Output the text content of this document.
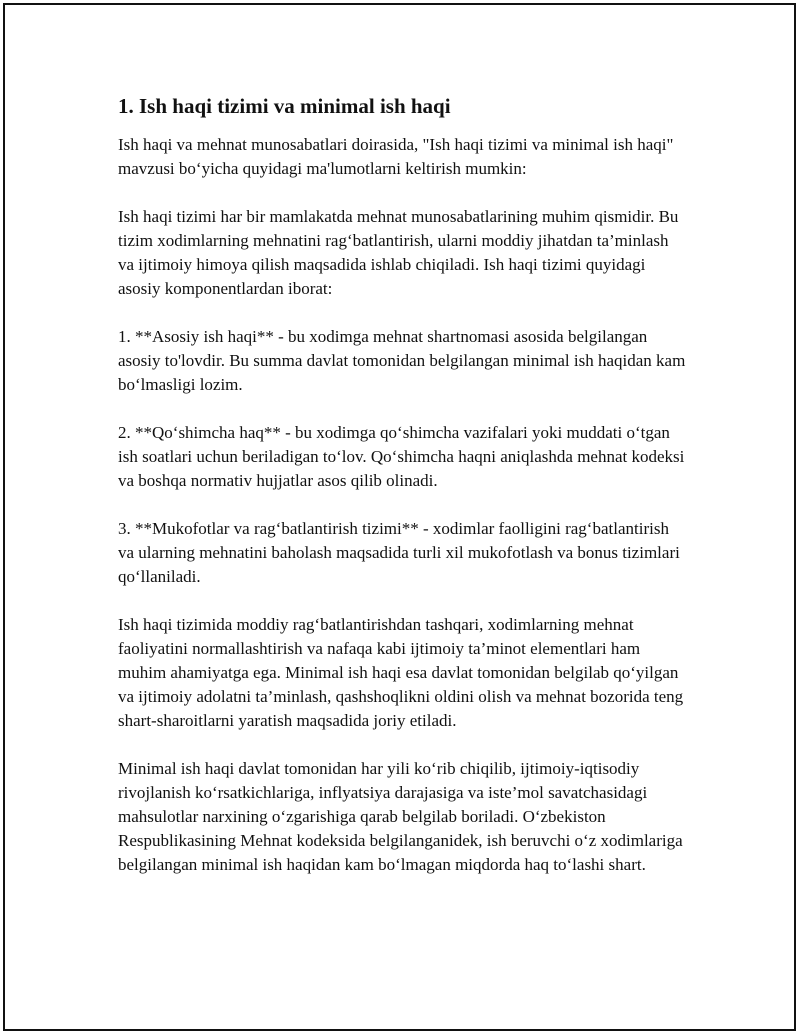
1. Ish haqi tizimi va minimal ish haqi

Ish haqi va mehnat munosabatlari doirasida, "Ish haqi tizimi va minimal ish haqi" mavzusi bo‘yicha quyidagi ma'lumotlarni keltirish mumkin:

Ish haqi tizimi har bir mamlakatda mehnat munosabatlarining muhim qismidir. Bu tizim xodimlarning mehnatini rag‘batlantirish, ularni moddiy jihatdan ta’minlash va ijtimoiy himoya qilish maqsadida ishlab chiqiladi. Ish haqi tizimi quyidagi asosiy komponentlardan iborat:

1. **Asosiy ish haqi** - bu xodimga mehnat shartnomasi asosida belgilangan asosiy to'lovdir. Bu summa davlat tomonidan belgilangan minimal ish haqidan kam bo‘lmasligi lozim.

2. **Qo‘shimcha haq** - bu xodimga qo‘shimcha vazifalari yoki muddati o‘tgan ish soatlari uchun beriladigan to‘lov. Qo‘shimcha haqni aniqlashda mehnat kodeksi va boshqa normativ hujjatlar asos qilib olinadi.

3. **Mukofotlar va rag‘batlantirish tizimi** - xodimlar faolligini rag‘batlantirish va ularning mehnatini baholash maqsadida turli xil mukofotlash va bonus tizimlari qo‘llaniladi.

Ish haqi tizimida moddiy rag‘batlantirishdan tashqari, xodimlarning mehnat faoliyatini normallashtirish va nafaqa kabi ijtimoiy ta’minot elementlari ham muhim ahamiyatga ega. Minimal ish haqi esa davlat tomonidan belgilab qo‘yilgan va ijtimoiy adolatni ta’minlash, qashshoqlikni oldini olish va mehnat bozorida teng shart-sharoitlarni yaratish maqsadida joriy etiladi.

Minimal ish haqi davlat tomonidan har yili ko‘rib chiqilib, ijtimoiy-iqtisodiy rivojlanish ko‘rsatkichlariga, inflyatsiya darajasiga va iste’mol savatchasidagi mahsulotlar narxining o‘zgarishiga qarab belgilab boriladi. O‘zbekiston Respublikasining Mehnat kodeksida belgilanganidek, ish beruvchi o‘z xodimlariga belgilangan minimal ish haqidan kam bo‘lmagan miqdorda haq to‘lashi shart.
